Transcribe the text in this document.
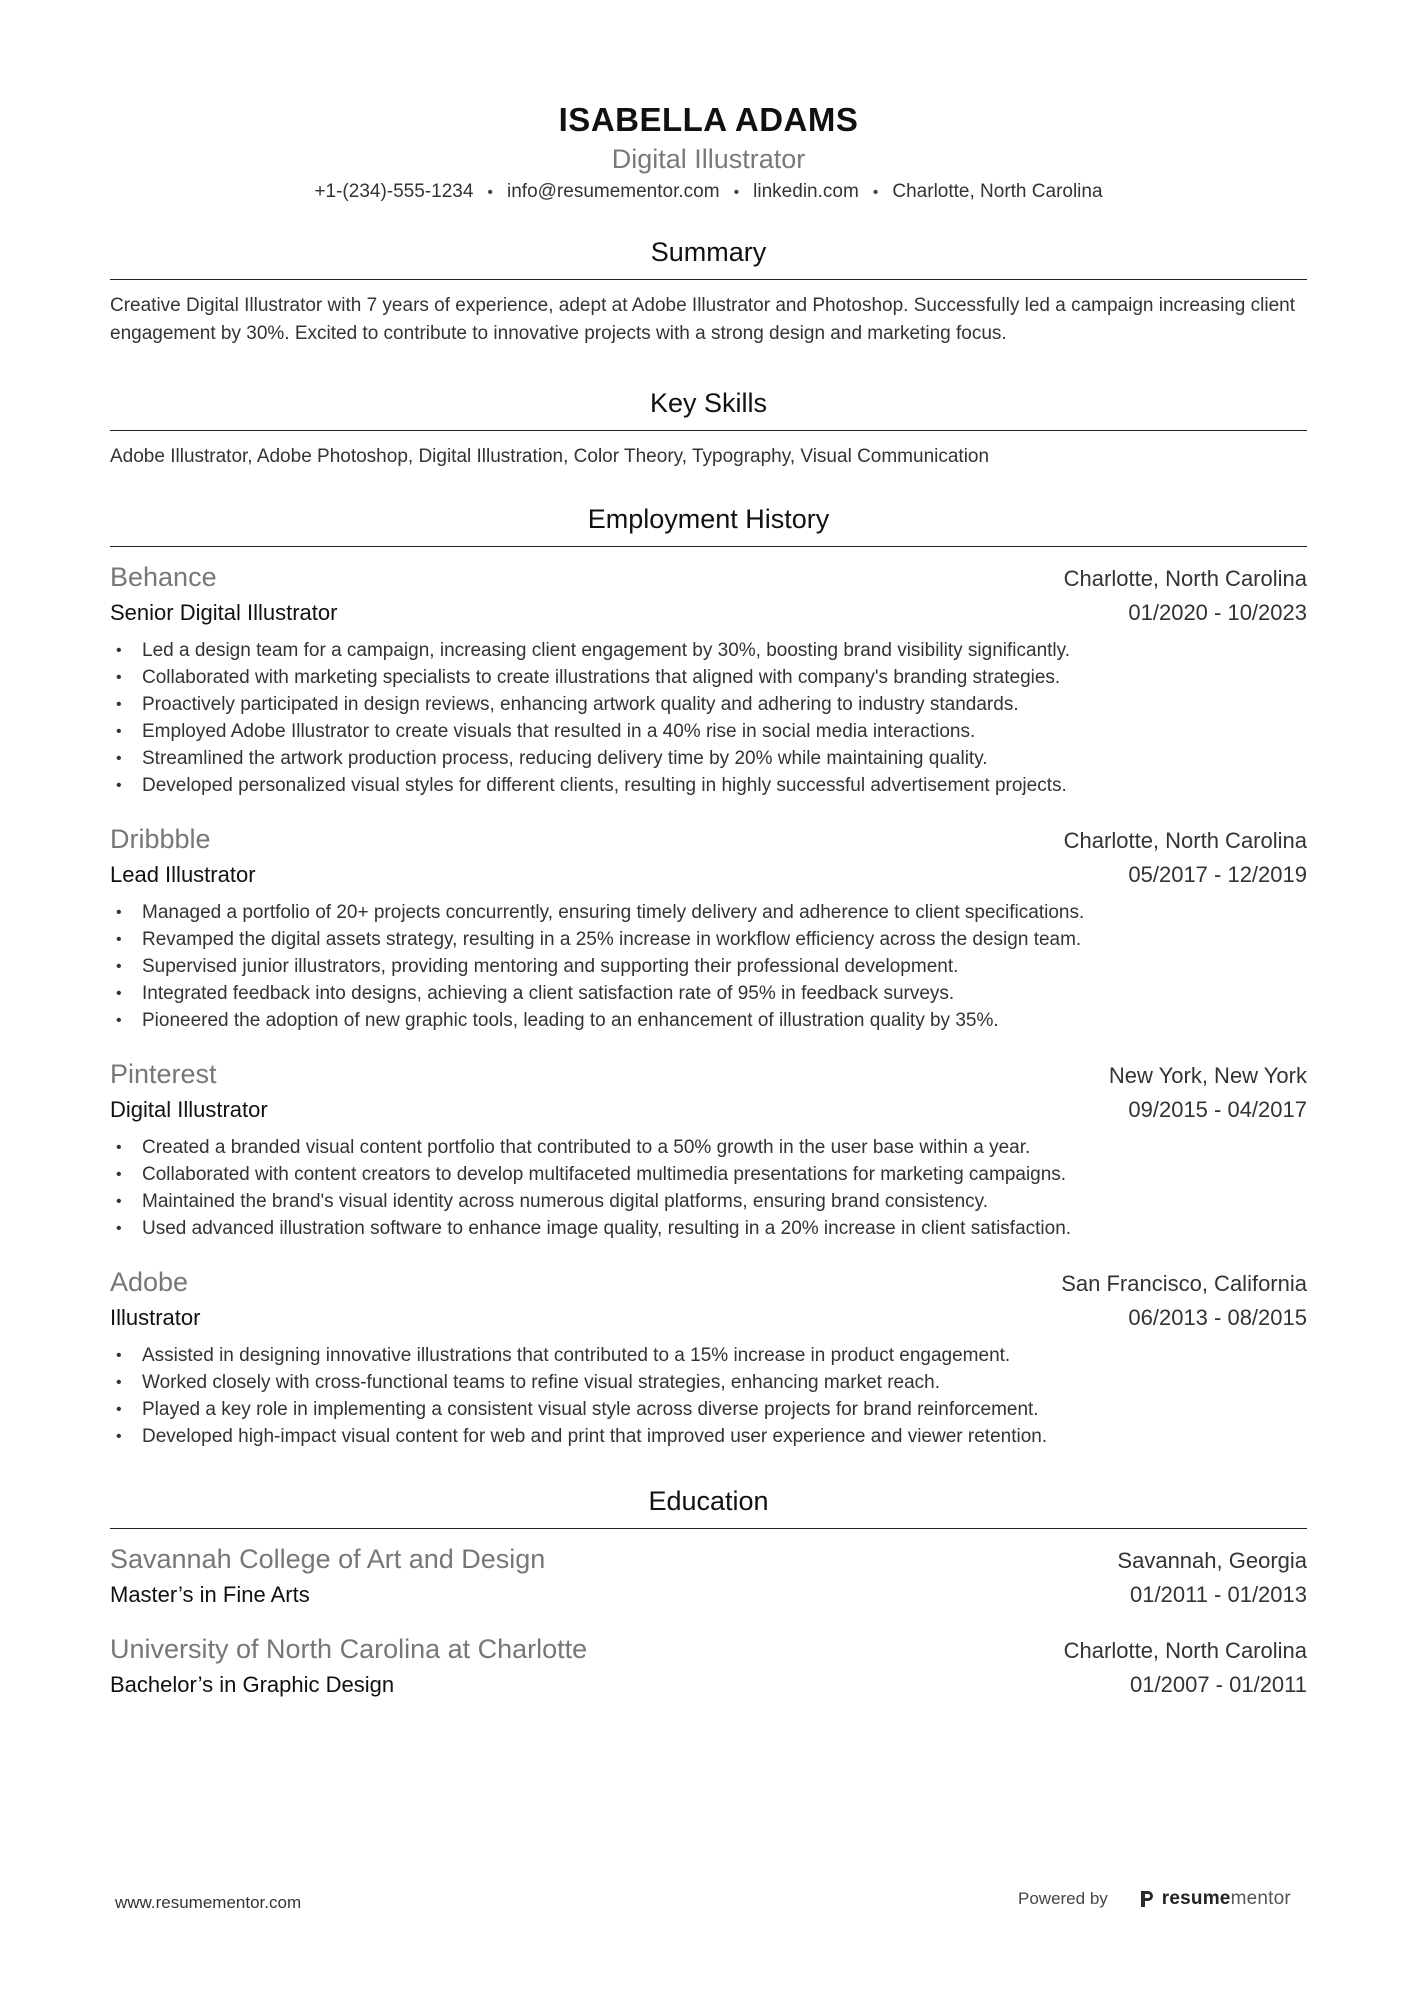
ISABELLA ADAMS
Digital Illustrator
+1-(234)-555-1234 • info@resumementor.com • linkedin.com • Charlotte, North Carolina
Summary
Creative Digital Illustrator with 7 years of experience, adept at Adobe Illustrator and Photoshop. Successfully led a campaign increasing client engagement by 30%. Excited to contribute to innovative projects with a strong design and marketing focus.
Key Skills
Adobe Illustrator, Adobe Photoshop, Digital Illustration, Color Theory, Typography, Visual Communication
Employment History
Behance	Charlotte, North Carolina
Senior Digital Illustrator	01/2020 - 10/2023
• Led a design team for a campaign, increasing client engagement by 30%, boosting brand visibility significantly.
• Collaborated with marketing specialists to create illustrations that aligned with company's branding strategies.
• Proactively participated in design reviews, enhancing artwork quality and adhering to industry standards.
• Employed Adobe Illustrator to create visuals that resulted in a 40% rise in social media interactions.
• Streamlined the artwork production process, reducing delivery time by 20% while maintaining quality.
• Developed personalized visual styles for different clients, resulting in highly successful advertisement projects.
Dribbble	Charlotte, North Carolina
Lead Illustrator	05/2017 - 12/2019
• Managed a portfolio of 20+ projects concurrently, ensuring timely delivery and adherence to client specifications.
• Revamped the digital assets strategy, resulting in a 25% increase in workflow efficiency across the design team.
• Supervised junior illustrators, providing mentoring and supporting their professional development.
• Integrated feedback into designs, achieving a client satisfaction rate of 95% in feedback surveys.
• Pioneered the adoption of new graphic tools, leading to an enhancement of illustration quality by 35%.
Pinterest	New York, New York
Digital Illustrator	09/2015 - 04/2017
• Created a branded visual content portfolio that contributed to a 50% growth in the user base within a year.
• Collaborated with content creators to develop multifaceted multimedia presentations for marketing campaigns.
• Maintained the brand's visual identity across numerous digital platforms, ensuring brand consistency.
• Used advanced illustration software to enhance image quality, resulting in a 20% increase in client satisfaction.
Adobe	San Francisco, California
Illustrator	06/2013 - 08/2015
• Assisted in designing innovative illustrations that contributed to a 15% increase in product engagement.
• Worked closely with cross-functional teams to refine visual strategies, enhancing market reach.
• Played a key role in implementing a consistent visual style across diverse projects for brand reinforcement.
• Developed high-impact visual content for web and print that improved user experience and viewer retention.
Education
Savannah College of Art and Design	Savannah, Georgia
Master’s in Fine Arts	01/2011 - 01/2013
University of North Carolina at Charlotte	Charlotte, North Carolina
Bachelor’s in Graphic Design	01/2007 - 01/2011
www.resumementor.com	Powered by	resumementor
